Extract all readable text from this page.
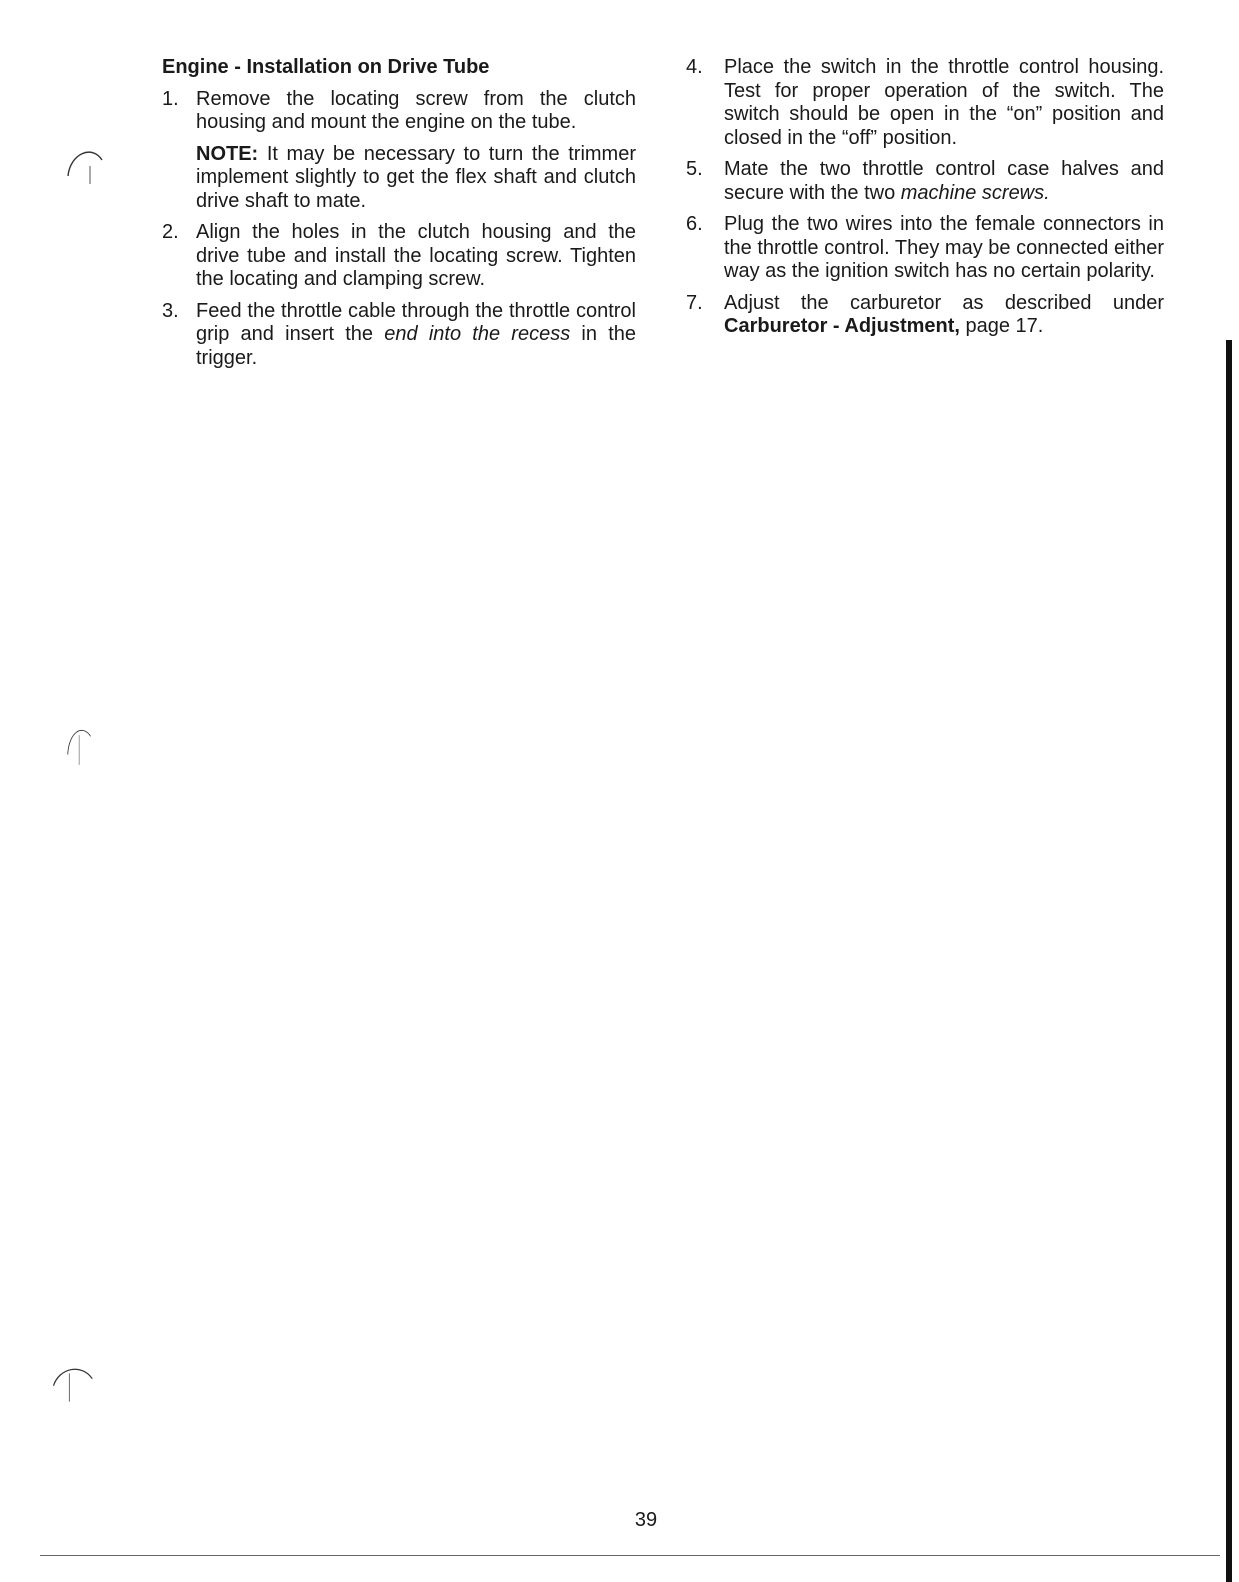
Engine - Installation on Drive Tube
1. Remove the locating screw from the clutch housing and mount the engine on the tube.
NOTE: It may be necessary to turn the trimmer implement slightly to get the flex shaft and clutch drive shaft to mate.
2. Align the holes in the clutch housing and the drive tube and install the locating screw. Tighten the locating and clamping screw.
3. Feed the throttle cable through the throttle control grip and insert the end into the recess in the trigger.
4. Place the switch in the throttle control housing. Test for proper operation of the switch. The switch should be open in the “on” position and closed in the “off” position.
5. Mate the two throttle control case halves and secure with the two machine screws.
6. Plug the two wires into the female connectors in the throttle control. They may be connected either way as the ignition switch has no certain polarity.
7. Adjust the carburetor as described under Carburetor - Adjustment, page 17.
39
